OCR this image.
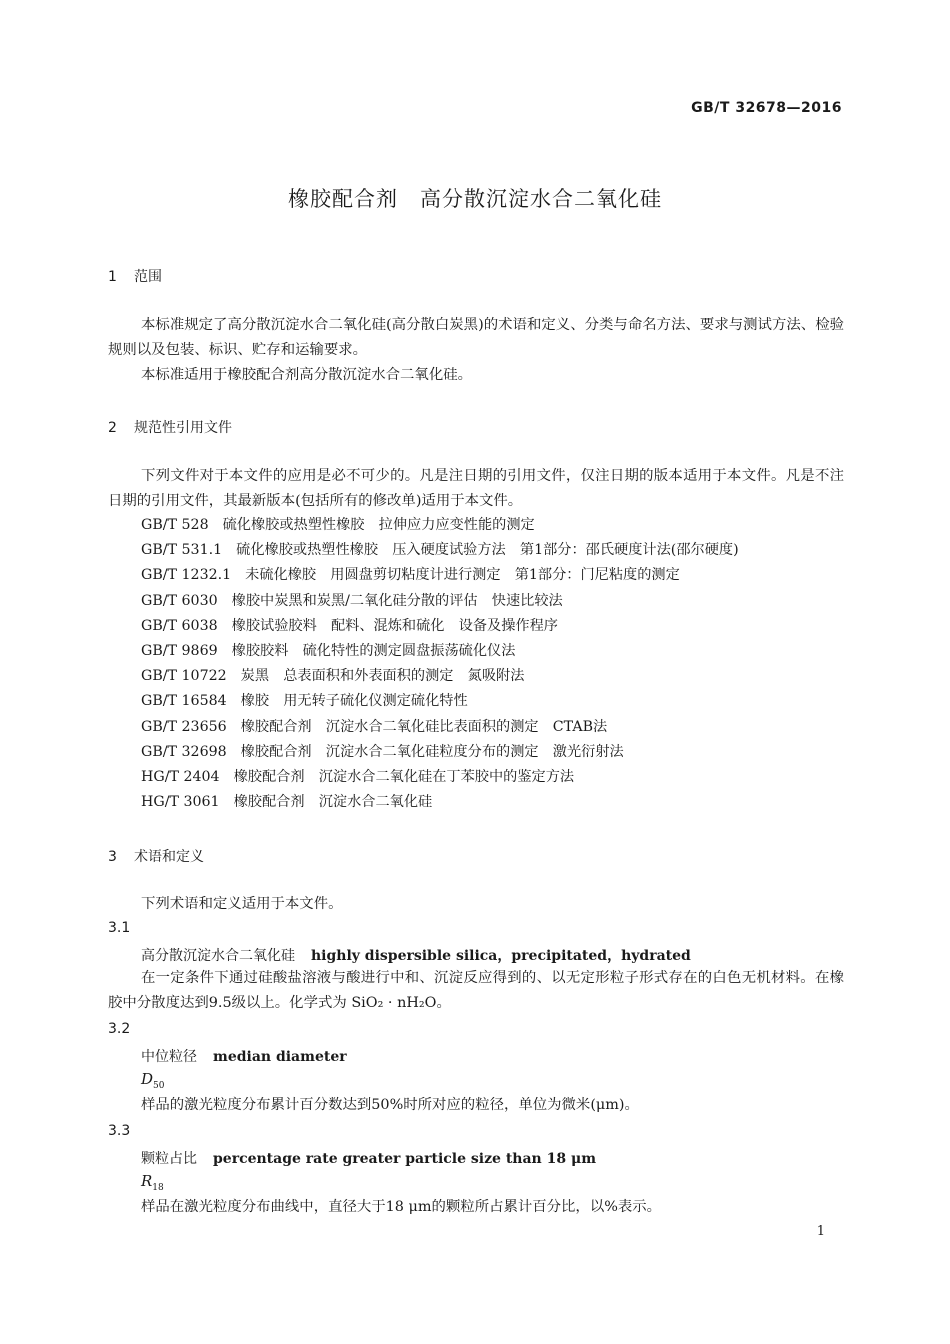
GB/T 32678—2016
橡胶配合剂　高分散沉淀水合二氧化硅
1 范围
本标准规定了高分散沉淀水合二氧化硅(高分散白炭黑)的术语和定义、分类与命名方法、要求与测试方法、检验规则以及包装、标识、贮存和运输要求。
本标准适用于橡胶配合剂高分散沉淀水合二氧化硅。
2 规范性引用文件
下列文件对于本文件的应用是必不可少的。凡是注日期的引用文件，仅注日期的版本适用于本文件。凡是不注日期的引用文件，其最新版本(包括所有的修改单)适用于本文件。
GB/T 528 硫化橡胶或热塑性橡胶　拉伸应力应变性能的测定
GB/T 531.1 硫化橡胶或热塑性橡胶　压入硬度试验方法　第1部分：邵氏硬度计法(邵尔硬度)
GB/T 1232.1 未硫化橡胶　用圆盘剪切粘度计进行测定　第1部分：门尼粘度的测定
GB/T 6030 橡胶中炭黑和炭黑/二氧化硅分散的评估　快速比较法
GB/T 6038 橡胶试验胶料　配料、混炼和硫化　设备及操作程序
GB/T 9869 橡胶胶料　硫化特性的测定圆盘振荡硫化仪法
GB/T 10722 炭黑　总表面积和外表面积的测定　氮吸附法
GB/T 16584 橡胶　用无转子硫化仪测定硫化特性
GB/T 23656 橡胶配合剂　沉淀水合二氧化硅比表面积的测定　CTAB法
GB/T 32698 橡胶配合剂　沉淀水合二氧化硅粒度分布的测定　激光衍射法
HG/T 2404 橡胶配合剂　沉淀水合二氧化硅在丁苯胶中的鉴定方法
HG/T 3061 橡胶配合剂　沉淀水合二氧化硅
3 术语和定义
下列术语和定义适用于本文件。
3.1
高分散沉淀水合二氧化硅 highly dispersible silica，precipitated，hydrated
在一定条件下通过硅酸盐溶液与酸进行中和、沉淀反应得到的、以无定形粒子形式存在的白色无机材料。在橡胶中分散度达到9.5级以上。化学式为 SiO₂ · nH₂O。
3.2
中位粒径 median diameter
$D_{50}$
样品的激光粒度分布累计百分数达到50%时所对应的粒径，单位为微米(μm)。
3.3
颗粒占比 percentage rate greater particle size than 18 μm
$R_{18}$
样品在激光粒度分布曲线中，直径大于18 μm的颗粒所占累计百分比，以%表示。
1
